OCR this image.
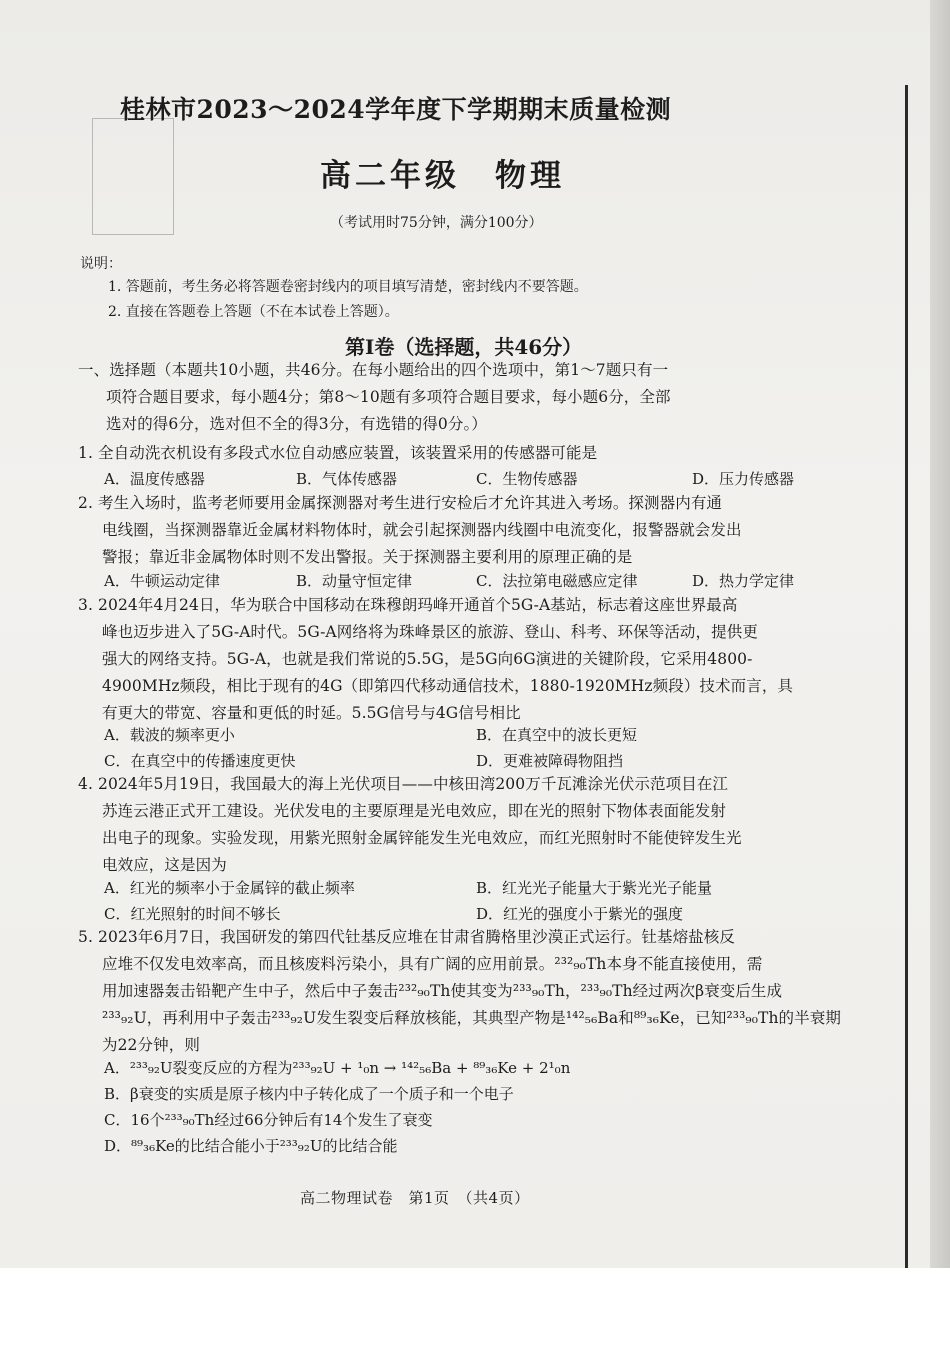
桂林市2023～2024学年度下学期期末质量检测
高二年级　物理
（考试用时75分钟，满分100分）
说明：
1. 答题前，考生务必将答题卷密封线内的项目填写清楚，密封线内不要答题。
2. 直接在答题卷上答题（不在本试卷上答题）。
第Ⅰ卷（选择题，共46分）
一、选择题（本题共10小题，共46分。在每小题给出的四个选项中，第1～7题只有一
项符合题目要求，每小题4分；第8～10题有多项符合题目要求，每小题6分，全部
选对的得6分，选对但不全的得3分，有选错的得0分。）
1. 全自动洗衣机设有多段式水位自动感应装置，该装置采用的传感器可能是
A．温度传感器	B．气体传感器	C．生物传感器	D．压力传感器
2. 考生入场时，监考老师要用金属探测器对考生进行安检后才允许其进入考场。探测器内有通
电线圈，当探测器靠近金属材料物体时，就会引起探测器内线圈中电流变化，报警器就会发出
警报；靠近非金属物体时则不发出警报。关于探测器主要利用的原理正确的是
A．牛顿运动定律	B．动量守恒定律	C．法拉第电磁感应定律	D．热力学定律
3. 2024年4月24日，华为联合中国移动在珠穆朗玛峰开通首个5G-A基站，标志着这座世界最高
峰也迈步进入了5G-A时代。5G-A网络将为珠峰景区的旅游、登山、科考、环保等活动，提供更
强大的网络支持。5G-A，也就是我们常说的5.5G，是5G向6G演进的关键阶段，它采用4800-
4900MHz频段，相比于现有的4G（即第四代移动通信技术，1880-1920MHz频段）技术而言，具
有更大的带宽、容量和更低的时延。5.5G信号与4G信号相比
A．载波的频率更小	B．在真空中的波长更短
C．在真空中的传播速度更快	D．更难被障碍物阻挡
4. 2024年5月19日，我国最大的海上光伏项目——中核田湾200万千瓦滩涂光伏示范项目在江
苏连云港正式开工建设。光伏发电的主要原理是光电效应，即在光的照射下物体表面能发射
出电子的现象。实验发现，用紫光照射金属锌能发生光电效应，而红光照射时不能使锌发生光
电效应，这是因为
A．红光的频率小于金属锌的截止频率	B．红光光子能量大于紫光光子能量
C．红光照射的时间不够长	D．红光的强度小于紫光的强度
5. 2023年6月7日，我国研发的第四代钍基反应堆在甘肃省腾格里沙漠正式运行。钍基熔盐核反
应堆不仅发电效率高，而且核废料污染小，具有广阔的应用前景。²³²₉₀Th本身不能直接使用，需
用加速器轰击铅靶产生中子，然后中子轰击²³²₉₀Th使其变为²³³₉₀Th，²³³₉₀Th经过两次β衰变后生成
²³³₉₂U，再利用中子轰击²³³₉₂U发生裂变后释放核能，其典型产物是¹⁴²₅₆Ba和⁸⁹₃₆Ke，已知²³³₉₀Th的半衰期
为22分钟，则
A．²³³₉₂U裂变反应的方程为²³³₉₂U + ¹₀n → ¹⁴²₅₆Ba + ⁸⁹₃₆Ke + 2¹₀n
B．β衰变的实质是原子核内中子转化成了一个质子和一个电子
C．16个²³³₉₀Th经过66分钟后有14个发生了衰变
D．⁸⁹₃₆Ke的比结合能小于²³³₉₂U的比结合能
高二物理试卷　第1页　（共4页）
